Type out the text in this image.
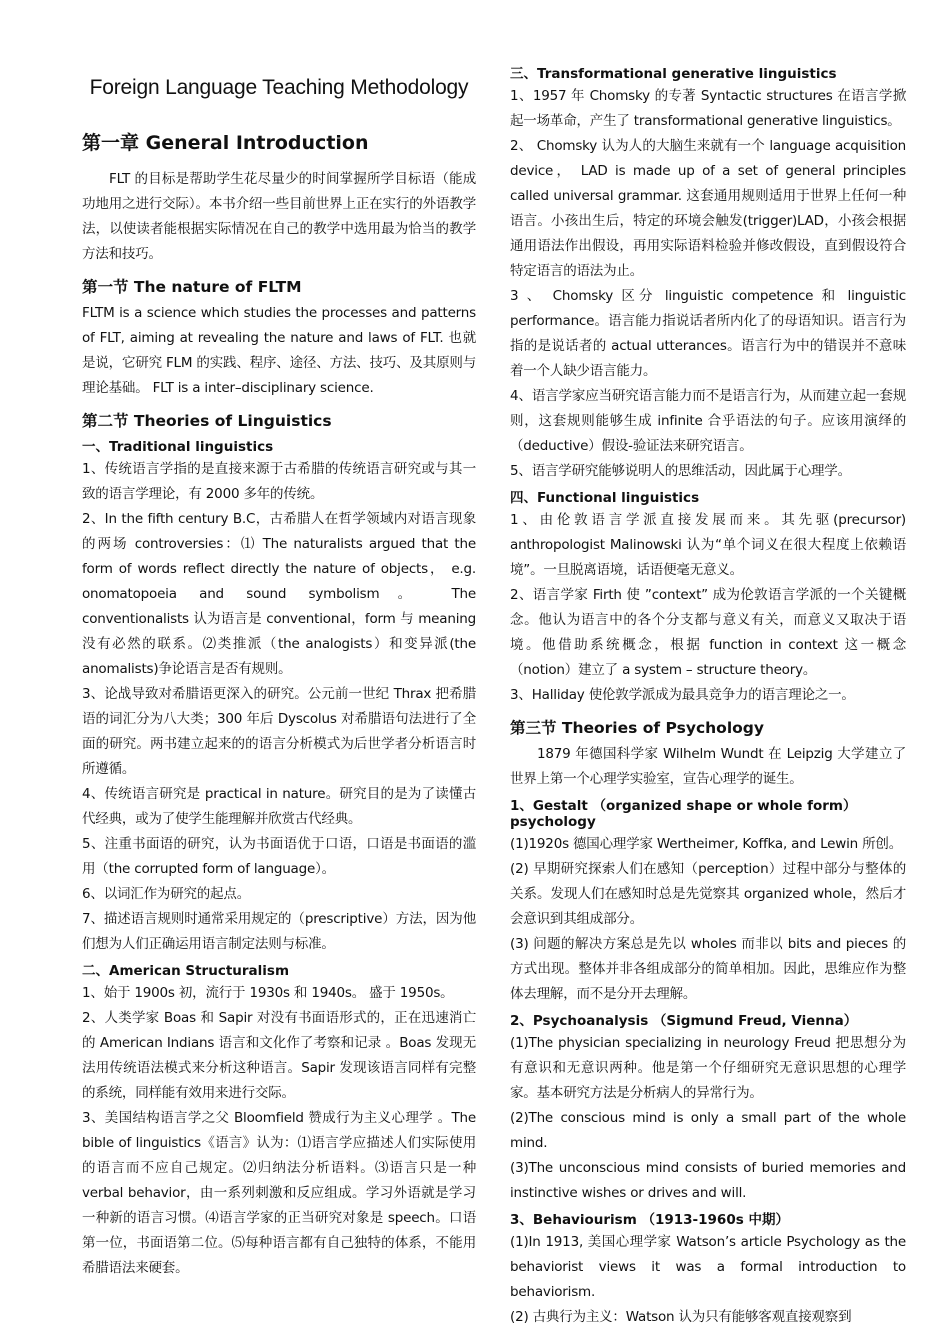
Foreign Language Teaching Methodology
第一章 General Introduction

FLT 的目标是帮助学生花尽量少的时间掌握所学目标语（能成功地用之进行交际）。本书介绍一些目前世界上正在实行的外语教学法，以使读者能根据实际情况在自己的教学中选用最为恰当的教学方法和技巧。

第一节 The nature of FLTM

FLTM is a science which studies the processes and patterns of FLT, aiming at revealing the nature and laws of FLT. 也就是说，它研究 FLM 的实践、程序、途径、方法、技巧、及其原则与理论基础。 FLT is a inter–disciplinary science.

第二节 Theories of Linguistics
一、Traditional linguistics

1、传统语言学指的是直接来源于古希腊的传统语言研究或与其一致的语言学理论，有 2000 多年的传统。

2、In the fifth century B.C，古希腊人在哲学领域内对语言现象的两场 controversies：⑴ The naturalists argued that the form of words reflect directly the nature of objects， e.g. onomatopoeia and sound symbolism。 The conventionalists 认为语言是 conventional，form 与 meaning 没有必然的联系。⑵类推派（the analogists）和变异派(the anomalists)争论语言是否有规则。

3、论战导致对希腊语更深入的研究。公元前一世纪 Thrax 把希腊语的词汇分为八大类；300 年后 Dyscolus 对希腊语句法进行了全面的研究。两书建立起来的的语言分析模式为后世学者分析语言时所遵循。

4、传统语言研究是 practical in nature。研究目的是为了读懂古代经典，或为了使学生能理解并欣赏古代经典。

5、注重书面语的研究，认为书面语优于口语，口语是书面语的滥用（the corrupted form of language）。

6、以词汇作为研究的起点。

7、描述语言规则时通常采用规定的（prescriptive）方法，因为他们想为人们正确运用语言制定法则与标准。

二、American Structuralism

1、始于 1900s 初，流行于 1930s 和 1940s。 盛于 1950s。

2、人类学家 Boas 和 Sapir 对没有书面语形式的，正在迅速消亡的 American Indians 语言和文化作了考察和记录 。Boas 发现无法用传统语法模式来分析这种语言。Sapir 发现该语言同样有完整的系统，同样能有效用来进行交际。

3、美国结构语言学之父 Bloomfield 赞成行为主义心理学 。The bible of linguistics《语言》认为：⑴语言学应描述人们实际使用的语言而不应自己规定。⑵归纳法分析语料。⑶语言只是一种 verbal behavior，由一系列刺激和反应组成。学习外语就是学习一种新的语言习惯。⑷语言学家的正当研究对象是 speech。口语第一位，书面语第二位。⑸每种语言都有自己独特的体系，不能用希腊语法来硬套。

三、Transformational generative linguistics

1、1957 年 Chomsky 的专著 Syntactic structures 在语言学掀起一场革命，产生了 transformational generative linguistics。

2、 Chomsky 认为人的大脑生来就有一个 language acquisition device， LAD is made up of a set of general principles called universal grammar. 这套通用规则适用于世界上任何一种语言。小孩出生后，特定的环境会触发(trigger)LAD，小孩会根据通用语法作出假设，再用实际语料检验并修改假设，直到假设符合特定语言的语法为止。

3 、 Chomsky 区分 linguistic competence 和 linguistic performance。语言能力指说话者所内化了的母语知识。语言行为指的是说话者的 actual utterances。语言行为中的错误并不意味着一个人缺少语言能力。

4、语言学家应当研究语言能力而不是语言行为，从而建立起一套规则，这套规则能够生成 infinite 合乎语法的句子。应该用演绎的（deductive）假设-验证法来研究语言。

5、语言学研究能够说明人的思维活动，因此属于心理学。

四、Functional linguistics

1、由伦敦语言学派直接发展而来。其先驱(precursor) anthropologist Malinowski 认为“单个词义在很大程度上依赖语境”。一旦脱离语境，话语便毫无意义。

2、语言学家 Firth 使 ”context” 成为伦敦语言学派的一个关键概念。他认为语言中的各个分支都与意义有关，而意义又取决于语境。他借助系统概念，根据 function in context 这一概念（notion）建立了 a system – structure theory。

3、Halliday 使伦敦学派成为最具竞争力的语言理论之一。

第三节 Theories of Psychology

1879 年德国科学家 Wilhelm Wundt 在 Leipzig 大学建立了世界上第一个心理学实验室，宣告心理学的诞生。

1、Gestalt （organized shape or whole form） psychology

(1)1920s 德国心理学家 Wertheimer, Koffka, and Lewin 所创。

(2) 早期研究探索人们在感知（perception）过程中部分与整体的关系。发现人们在感知时总是先觉察其 organized whole，然后才会意识到其组成部分。

(3) 问题的解决方案总是先以 wholes 而非以 bits and pieces 的方式出现。整体并非各组成部分的简单相加。因此，思维应作为整体去理解，而不是分开去理解。

2、Psychoanalysis （Sigmund Freud, Vienna）

(1)The physician specializing in neurology Freud 把思想分为有意识和无意识两种。他是第一个仔细研究无意识思想的心理学家。基本研究方法是分析病人的异常行为。

(2)The conscious mind is only a small part of the whole mind.

(3)The unconscious mind consists of buried memories and instinctive wishes or drives and will.

3、Behaviourism （1913-1960s 中期）

(1)In 1913, 美国心理学家 Watson’s article Psychology as the behaviorist views it was a formal introduction to behaviorism.

(2) 古典行为主义：Watson 认为只有能够客观直接观察到
